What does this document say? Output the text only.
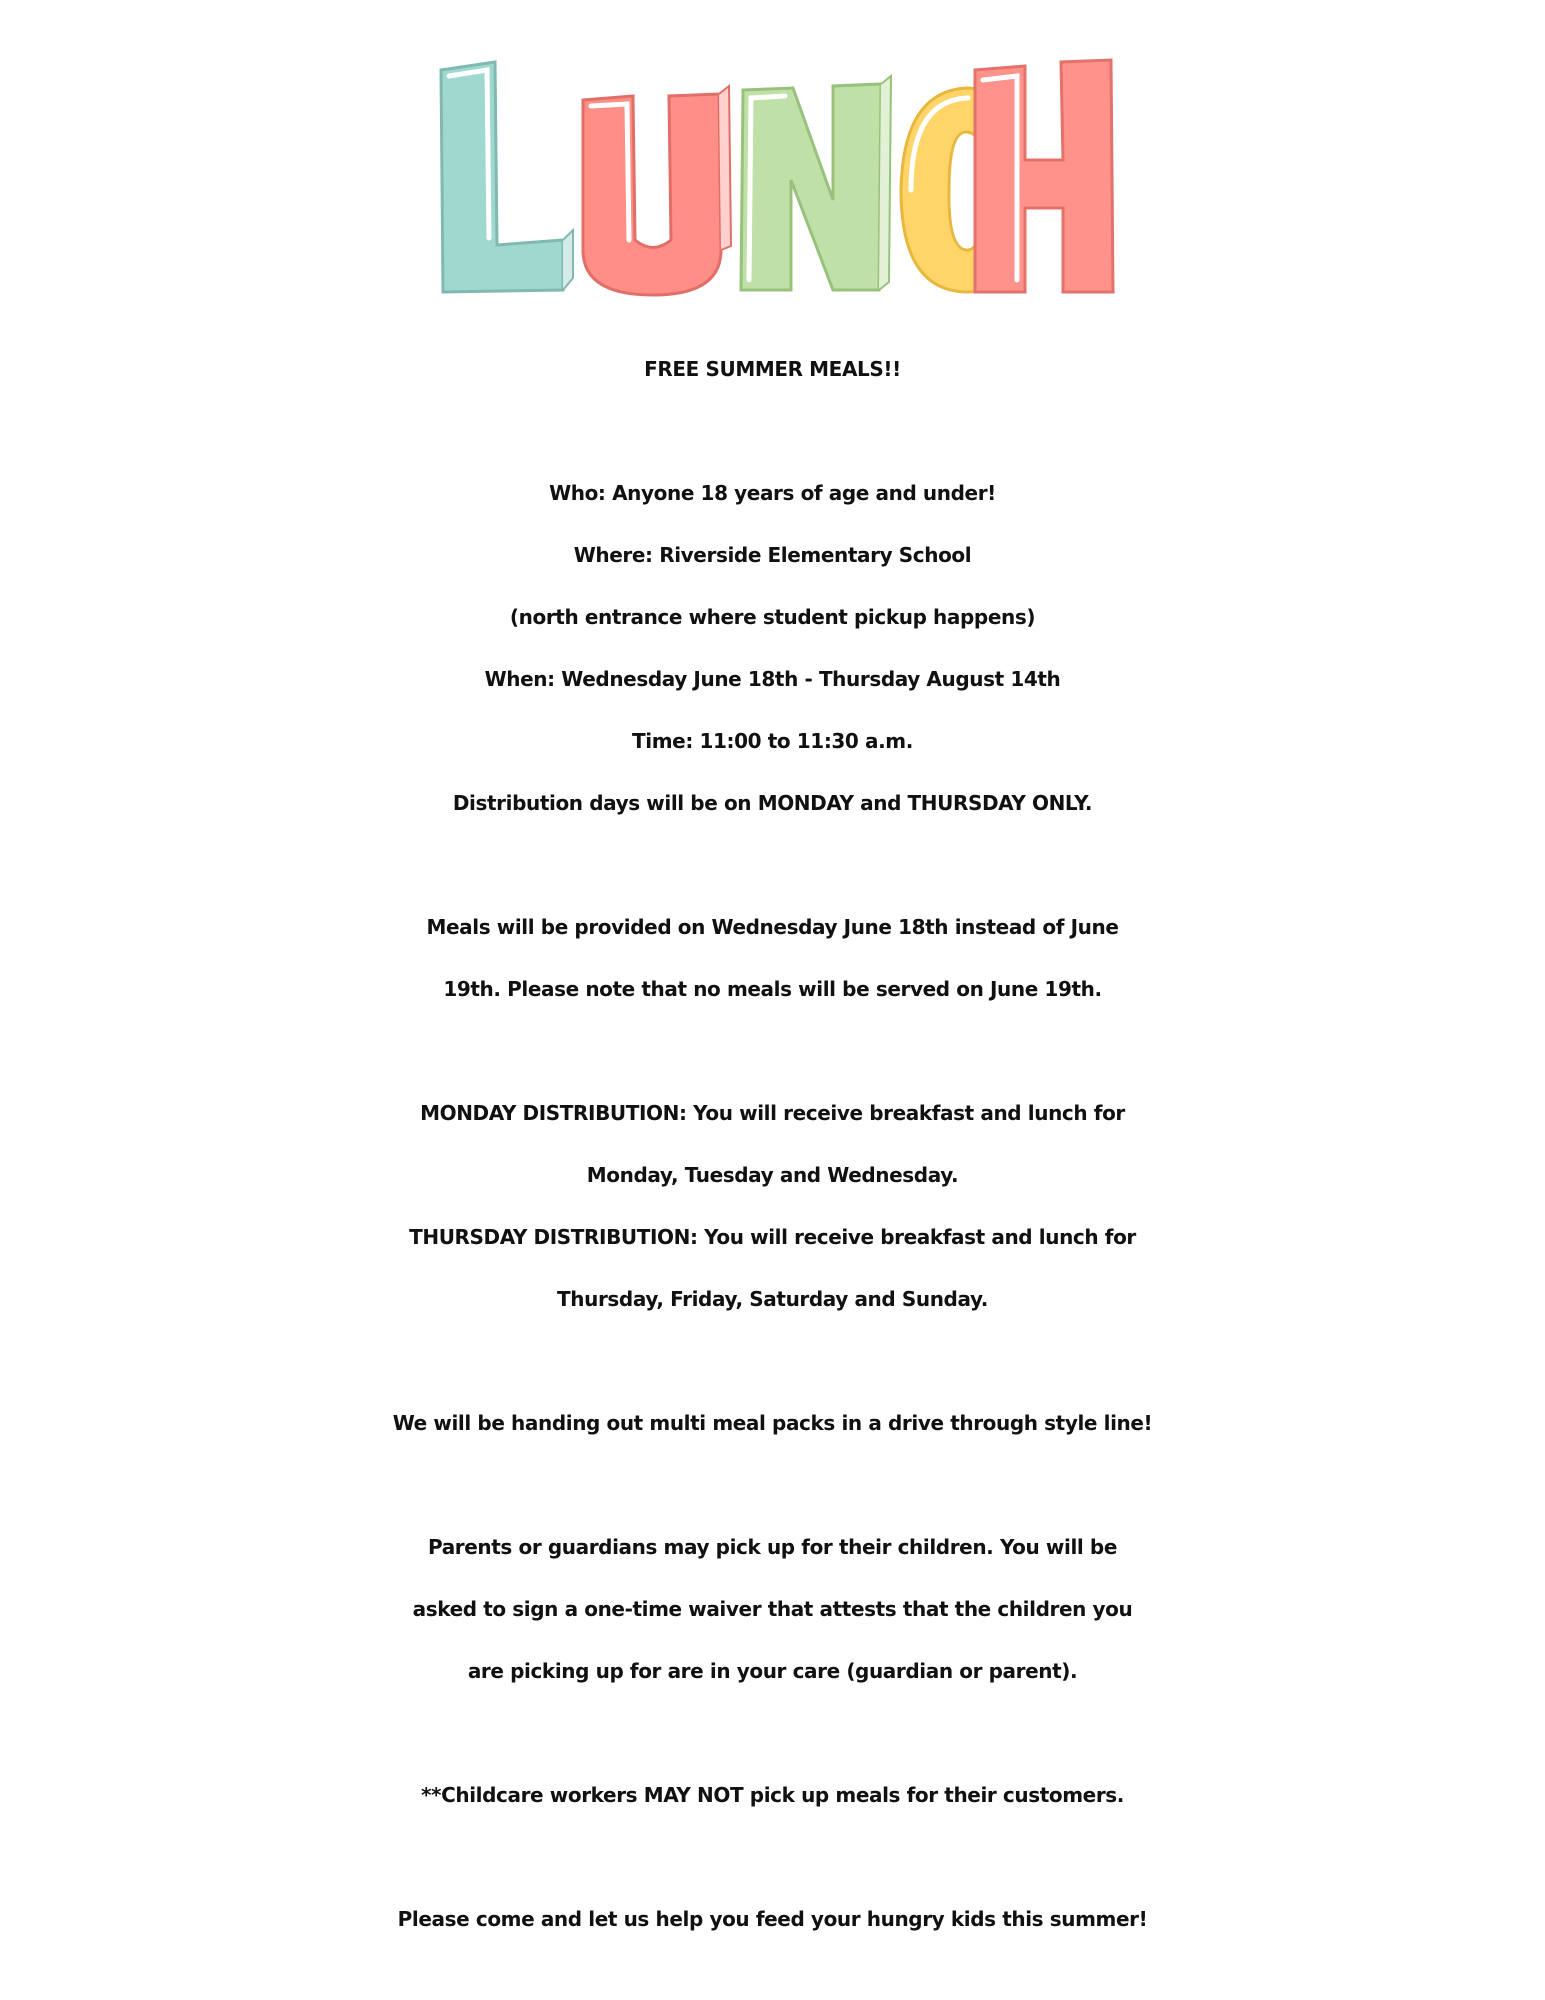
FREE SUMMER MEALS!!
Who: Anyone 18 years of age and under!
Where: Riverside Elementary School
(north entrance where student pickup happens)
When: Wednesday June 18th - Thursday August 14th
Time: 11:00 to 11:30 a.m.
Distribution days will be on MONDAY and THURSDAY ONLY.
Meals will be provided on Wednesday June 18th instead of June
19th. Please note that no meals will be served on June 19th.
MONDAY DISTRIBUTION: You will receive breakfast and lunch for
Monday, Tuesday and Wednesday.
THURSDAY DISTRIBUTION: You will receive breakfast and lunch for
Thursday, Friday, Saturday and Sunday.
We will be handing out multi meal packs in a drive through style line!
Parents or guardians may pick up for their children. You will be
asked to sign a one-time waiver that attests that the children you
are picking up for are in your care (guardian or parent).
**Childcare workers MAY NOT pick up meals for their customers.
Please come and let us help you feed your hungry kids this summer!
